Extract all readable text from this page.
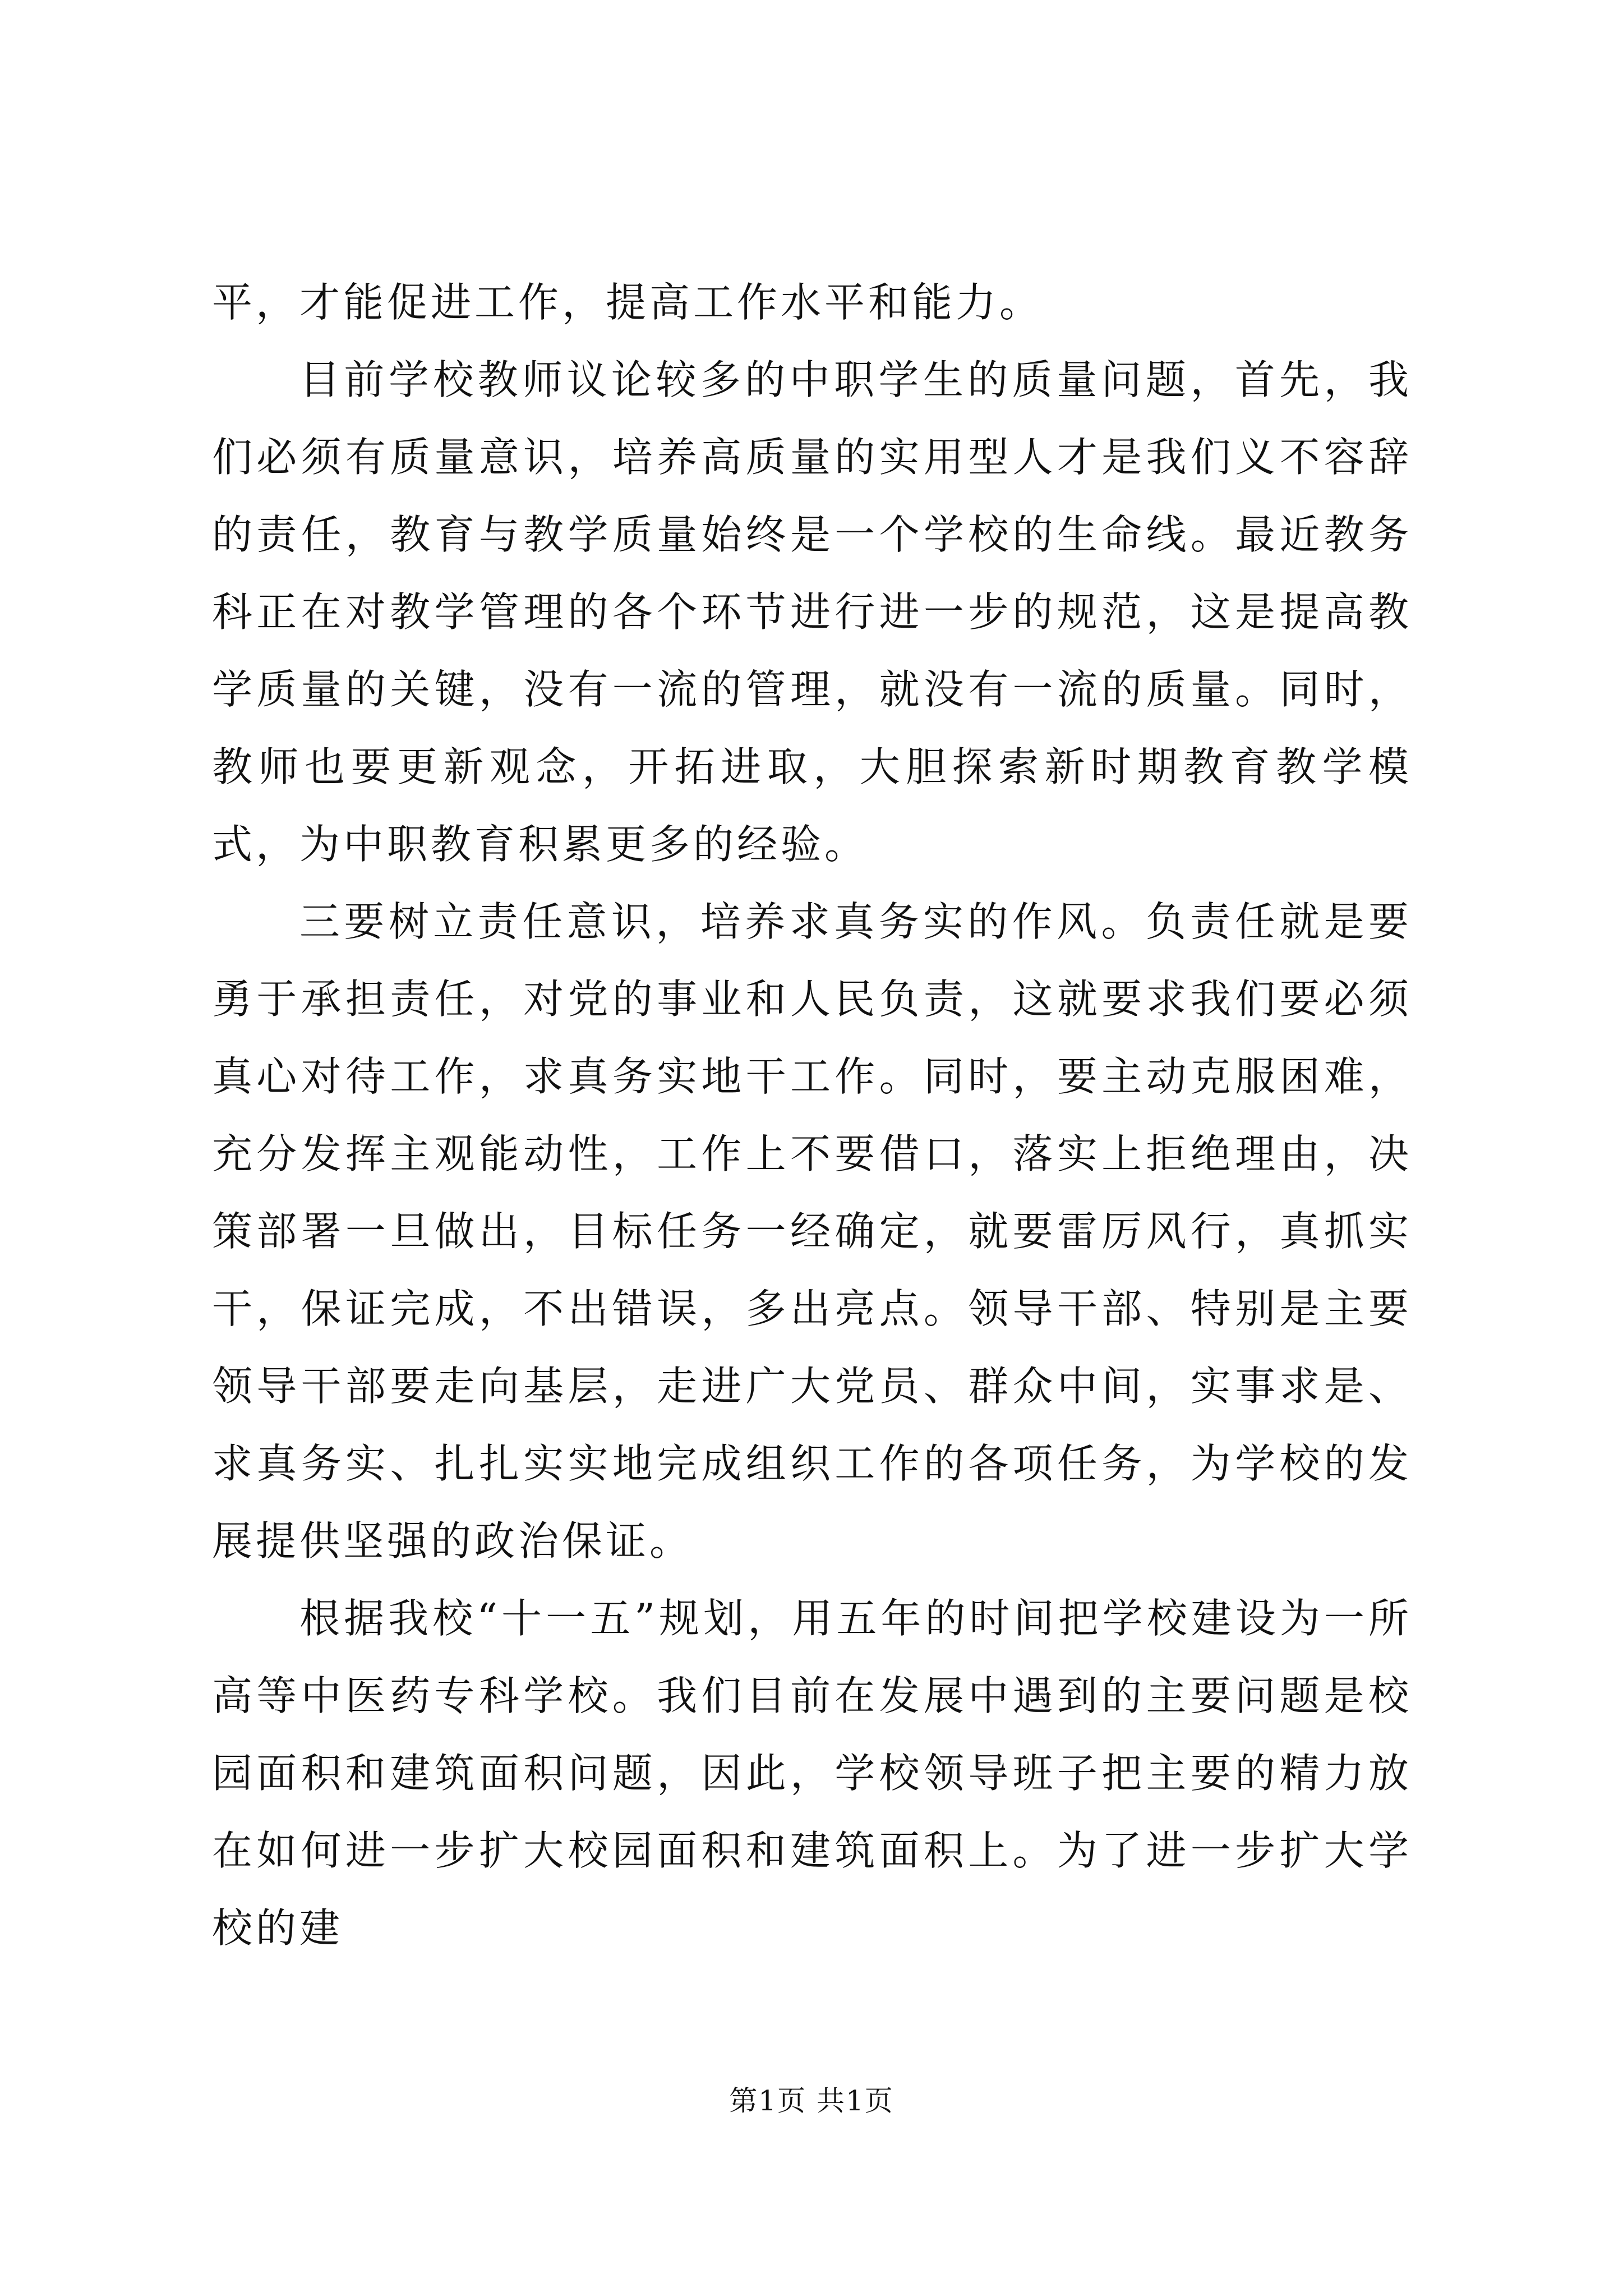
平，才能促进工作，提高工作水平和能力。

目前学校教师议论较多的中职学生的质量问题，首先，我们必须有质量意识，培养高质量的实用型人才是我们义不容辞的责任，教育与教学质量始终是一个学校的生命线。最近教务科正在对教学管理的各个环节进行进一步的规范，这是提高教学质量的关键，没有一流的管理，就没有一流的质量。同时，教师也要更新观念，开拓进取，大胆探索新时期教育教学模式，为中职教育积累更多的经验。

三要树立责任意识，培养求真务实的作风。负责任就是要勇于承担责任，对党的事业和人民负责，这就要求我们要必须真心对待工作，求真务实地干工作。同时，要主动克服困难，充分发挥主观能动性，工作上不要借口，落实上拒绝理由，决策部署一旦做出，目标任务一经确定，就要雷厉风行，真抓实干，保证完成，不出错误，多出亮点。领导干部、特别是主要领导干部要走向基层，走进广大党员、群众中间，实事求是、求真务实、扎扎实实地完成组织工作的各项任务，为学校的发展提供坚强的政治保证。

根据我校“十一五”规划，用五年的时间把学校建设为一所高等中医药专科学校。我们目前在发展中遇到的主要问题是校园面积和建筑面积问题，因此，学校领导班子把主要的精力放在如何进一步扩大校园面积和建筑面积上。为了进一步扩大学校的建

第1页 共1页
